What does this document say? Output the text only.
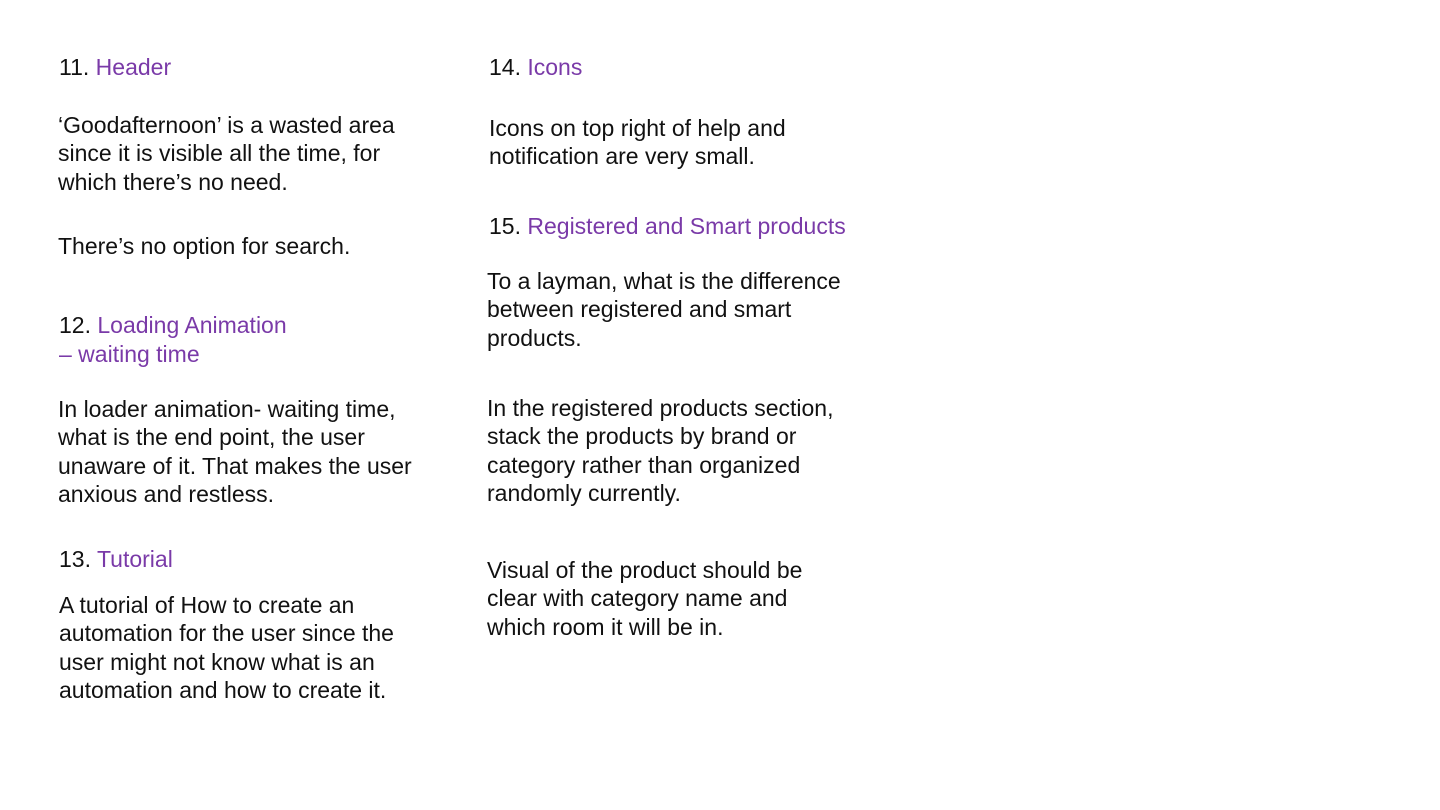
11. Header

‘Goodafternoon’ is a wasted area since it is visible all the time, for which there’s no need.

There’s no option for search.

12. Loading Animation
– waiting time

In loader animation- waiting time, what is the end point, the user unaware of it. That makes the user anxious and restless.

13. Tutorial

A tutorial of How to create an automation for the user since the user might not know what is an automation and how to create it.

14. Icons

Icons on top right of help and notification are very small.

15. Registered and Smart products

To a layman, what is the difference between registered and smart products.

In the registered products section, stack the products by brand or category rather than organized randomly currently.

Visual of the product should be clear with category name and which room it will be in.
